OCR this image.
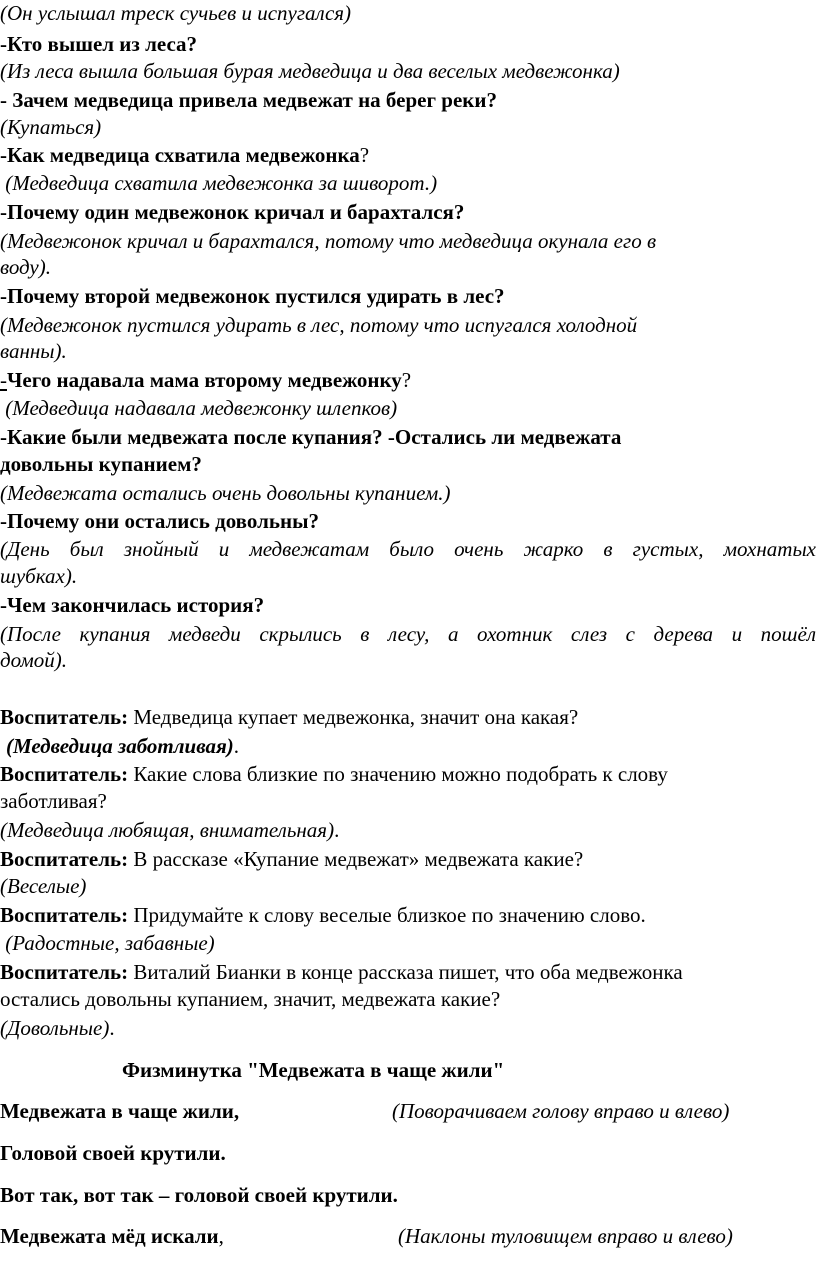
(Он услышал треск сучьев и испугался)
-Кто вышел из леса?
(Из леса вышла большая бурая медведица и два веселых медвежонка)
- Зачем медведица привела медвежат на берег реки?
(Купаться)
-Как медведица схватила медвежонка?
(Медведица схватила медвежонка за шиворот.)
-Почему один медвежонок кричал и барахтался?
(Медвежонок кричал и барахтался, потому что медведица окунала его в
воду).
-Почему второй медвежонок пустился удирать в лес?
(Медвежонок пустился удирать в лес, потому что испугался холодной
ванны).
-Чего надавала мама второму медвежонку?
(Медведица надавала медвежонку шлепков)
-Какие были медвежата после купания? -Остались ли медвежата
довольны купанием?
(Медвежата остались очень довольны купанием.)
-Почему они остались довольны?
(День был знойный и медвежатам было очень жарко в густых, мохнатых
шубках).
-Чем закончилась история?
(После купания медведи скрылись в лесу, а охотник слез с дерева и пошёл
домой).
Воспитатель: Медведица купает медвежонка, значит она какая?
(Медведица заботливая).
Воспитатель: Какие слова близкие по значению можно подобрать к слову
заботливая?
(Медведица любящая, внимательная).
Воспитатель: В рассказе «Купание медвежат» медвежата какие?
(Веселые)
Воспитатель: Придумайте к слову веселые близкое по значению слово.
(Радостные, забавные)
Воспитатель: Виталий Бианки в конце рассказа пишет, что оба медвежонка
остались довольны купанием, значит, медвежата какие?
(Довольные).
Физминутка "Медвежата в чаще жили"
Медвежата в чаще жили,	(Поворачиваем голову вправо и влево)
Головой своей крутили.
Вот так, вот так – головой своей крутили.
Медвежата мёд искали,	(Наклоны туловищем вправо и влево)
